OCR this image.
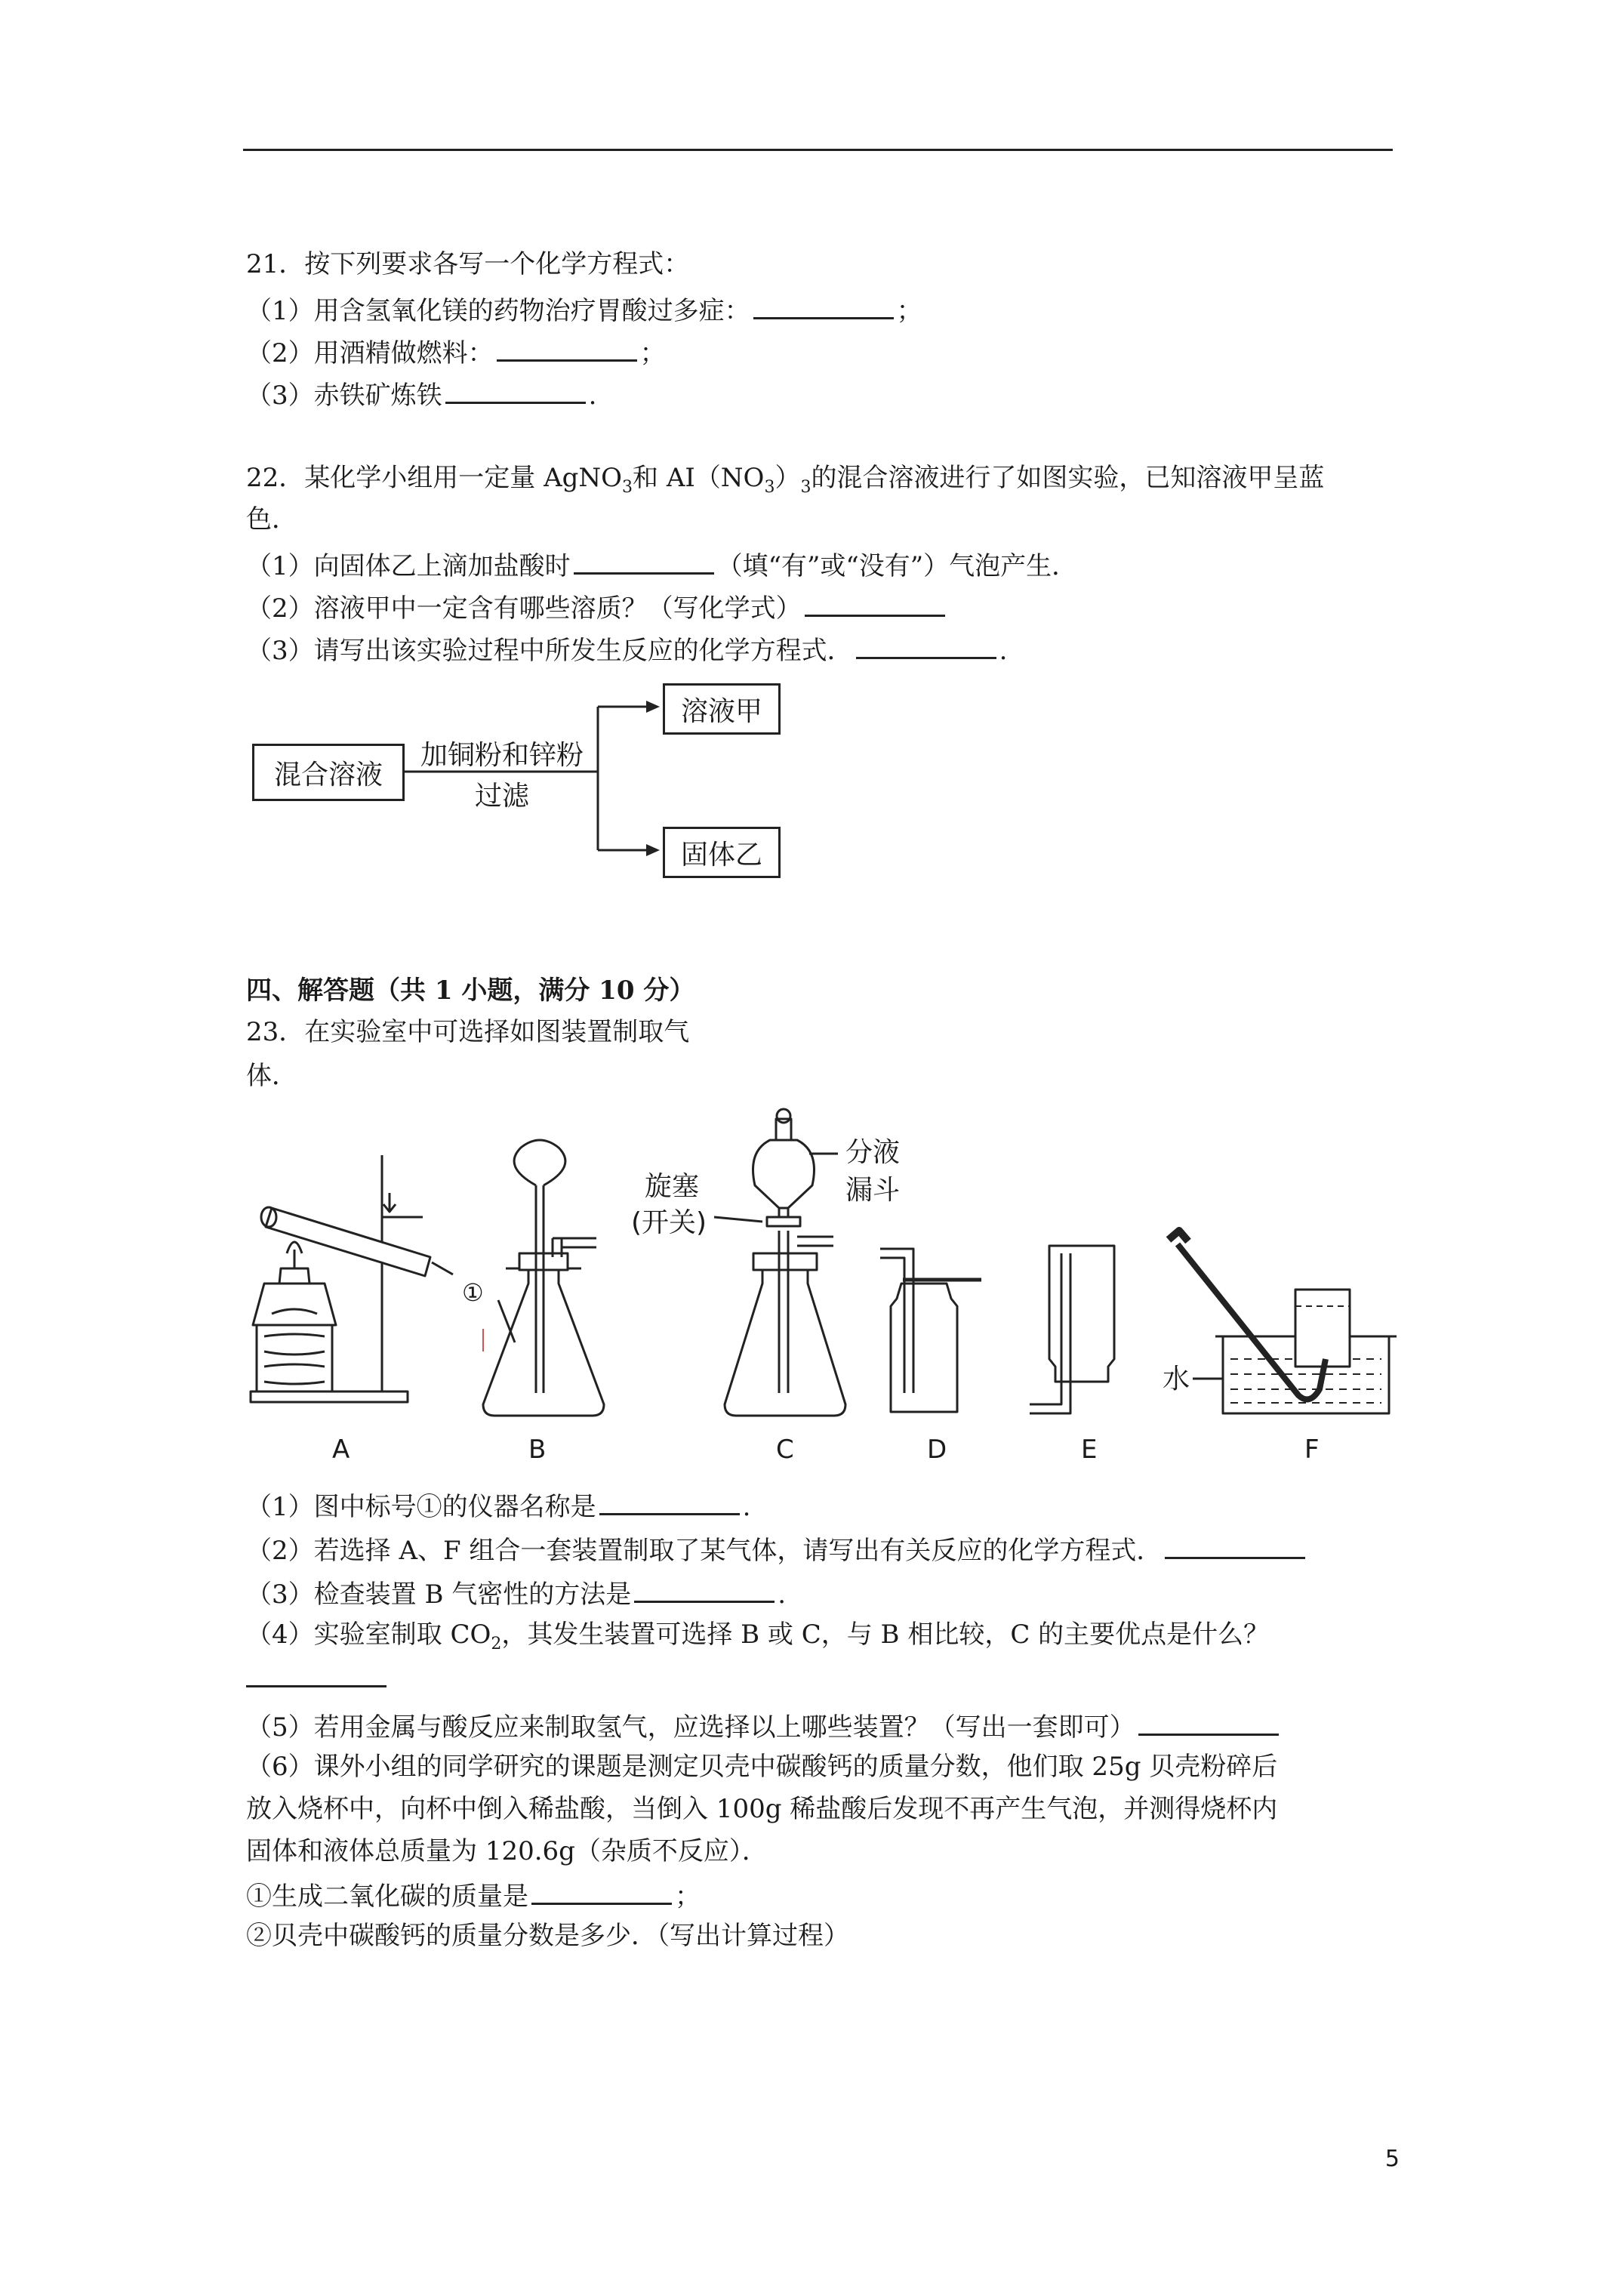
21．按下列要求各写一个化学方程式：
（1）用含氢氧化镁的药物治疗胃酸过多症：	；
（2）用酒精做燃料：	；
（3）赤铁矿炼铁	.
22．某化学小组用一定量 AgNO$_3$和 $AI(NO_3)_3$的混合溶液进行了如图实验，已知溶液甲呈蓝
色．
（1）向固体乙上滴加盐酸时	（填“有”或“没有”）气泡产生．
（2）溶液甲中一定含有哪些溶质？（写化学式）
（3）请写出该实验过程中所发生反应的化学方程式．	.
混合溶液
加铜粉和锌粉
过滤
溶液甲
固体乙
四、解答题（共 1 小题，满分 10 分）
23．在实验室中可选择如图装置制取气
体．
旋塞
(开关)
分液
漏斗
①
水
A	B	C	D	E	F
（1）图中标号①的仪器名称是	.
（2）若选择 A、F 组合一套装置制取了某气体，请写出有关反应的化学方程式．
（3）检查装置 B 气密性的方法是	.
（4）实验室制取 $CO_2$，其发生装置可选择 B 或 C，与 B 相比较，C 的主要优点是什么？
（5）若用金属与酸反应来制取氢气，应选择以上哪些装置？（写出一套即可）
（6）课外小组的同学研究的课题是测定贝壳中碳酸钙的质量分数，他们取 25g 贝壳粉碎后
放入烧杯中，向杯中倒入稀盐酸，当倒入 100g 稀盐酸后发现不再产生气泡，并测得烧杯内
固体和液体总质量为 120.6g（杂质不反应）．
①生成二氧化碳的质量是	；
②贝壳中碳酸钙的质量分数是多少．（写出计算过程）
5
